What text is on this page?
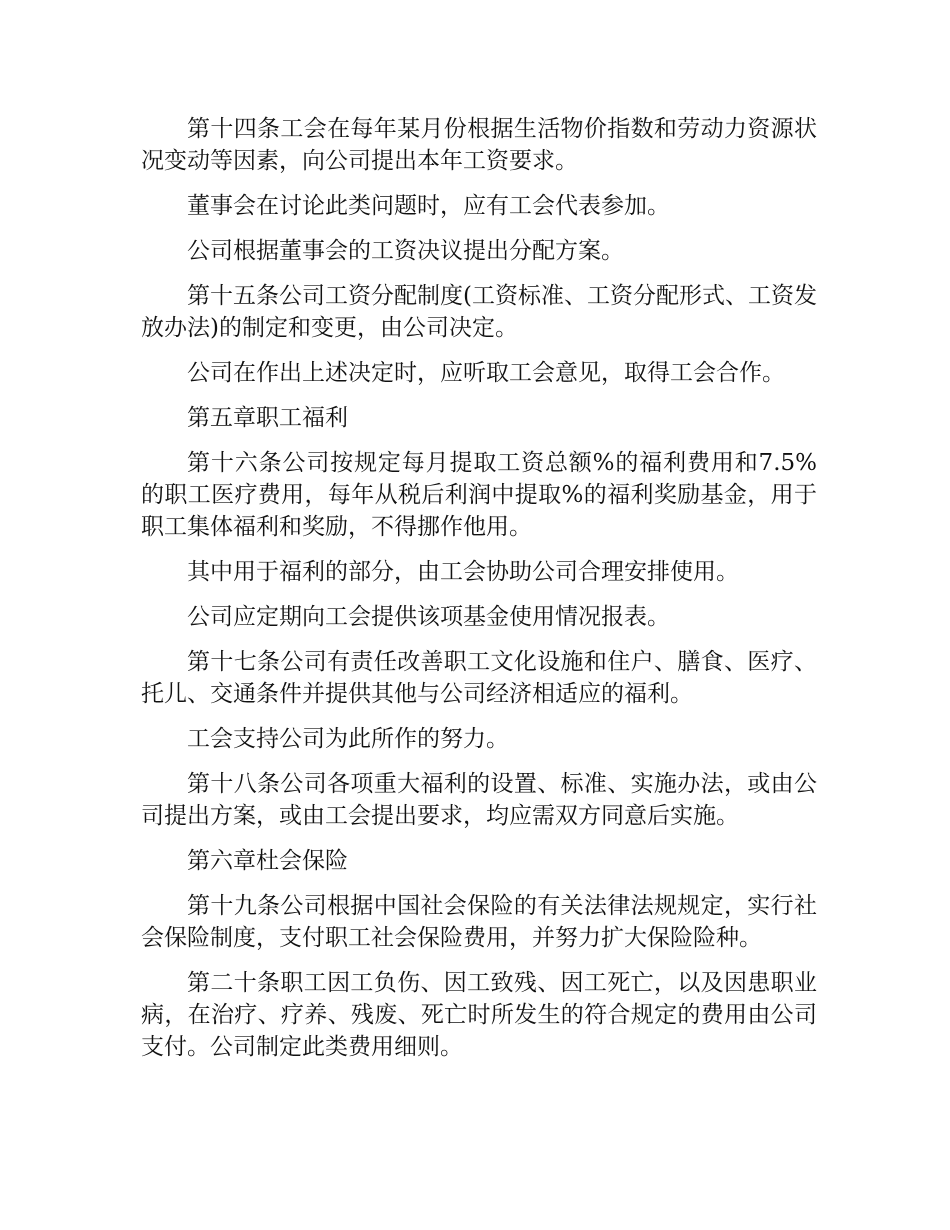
第十四条工会在每年某月份根据生活物价指数和劳动力资源状况变动等因素，向公司提出本年工资要求。

董事会在讨论此类问题时，应有工会代表参加。

公司根据董事会的工资决议提出分配方案。

第十五条公司工资分配制度(工资标准、工资分配形式、工资发放办法)的制定和变更，由公司决定。

公司在作出上述决定时，应听取工会意见，取得工会合作。

第五章职工福利

第十六条公司按规定每月提取工资总额%的福利费用和7.5%的职工医疗费用，每年从税后利润中提取%的福利奖励基金，用于职工集体福利和奖励，不得挪作他用。

其中用于福利的部分，由工会协助公司合理安排使用。

公司应定期向工会提供该项基金使用情况报表。

第十七条公司有责任改善职工文化设施和住户、膳食、医疗、托儿、交通条件并提供其他与公司经济相适应的福利。

工会支持公司为此所作的努力。

第十八条公司各项重大福利的设置、标准、实施办法，或由公司提出方案，或由工会提出要求，均应需双方同意后实施。

第六章杜会保险

第十九条公司根据中国社会保险的有关法律法规规定，实行社会保险制度，支付职工社会保险费用，并努力扩大保险险种。

第二十条职工因工负伤、因工致残、因工死亡，以及因患职业病，在治疗、疗养、残废、死亡时所发生的符合规定的费用由公司支付。公司制定此类费用细则。
